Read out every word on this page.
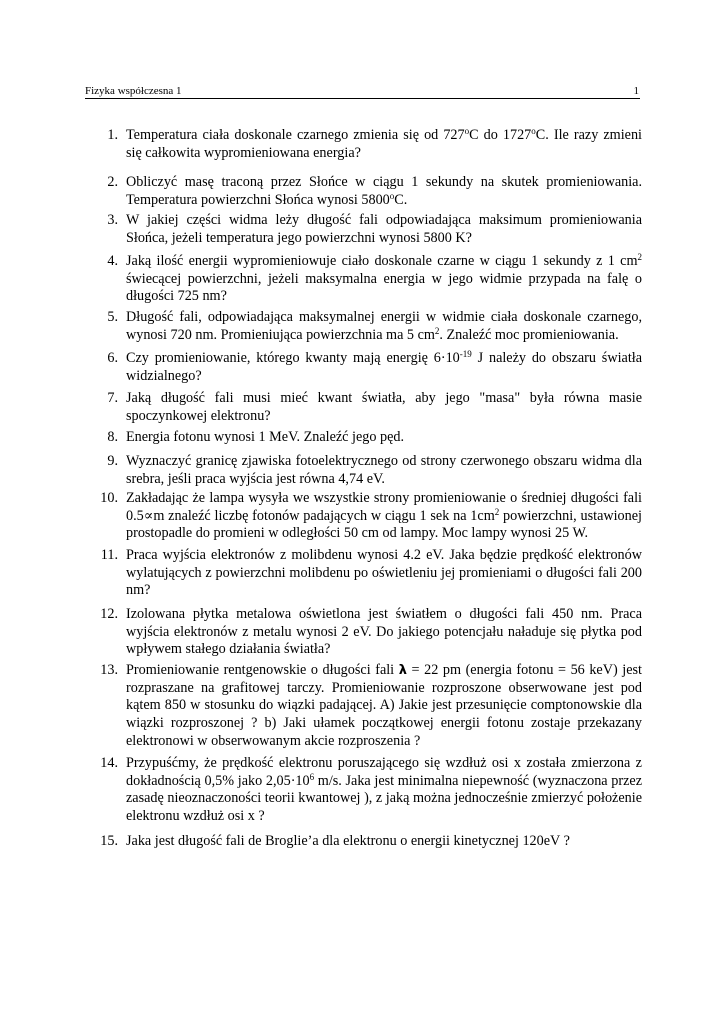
Fizyka współczesna 1	1
1. Temperatura ciała doskonale czarnego zmienia się od 727$^o$C do 1727$^o$C. Ile razy zmieni się całkowita wypromieniowana energia?

2. Obliczyć masę traconą przez Słońce w ciągu 1 sekundy na skutek promieniowania. Temperatura powierzchni Słońca wynosi 5800$^o$C.

3. W jakiej części widma leży długość fali odpowiadająca maksimum promieniowania Słońca, jeżeli temperatura jego powierzchni wynosi 5800 K?

4. Jaką ilość energii wypromieniowuje ciało doskonale czarne w ciągu 1 sekundy z 1 $cm^2$ świecącej powierzchni, jeżeli maksymalna energia w jego widmie przypada na falę o długości 725 nm?

5. Długość fali, odpowiadająca maksymalnej energii w widmie ciała doskonale czarnego, wynosi 720 nm. Promieniująca powierzchnia ma 5 $cm^2$. Znaleźć moc promieniowania.

6. Czy promieniowanie, którego kwanty mają energię $6\cdot 10^{-19}$ J należy do obszaru światła widzialnego?

7. Jaką długość fali musi mieć kwant światła, aby jego "masa" była równa masie spoczynkowej elektronu?

8. Energia fotonu wynosi 1 MeV. Znaleźć jego pęd.

9. Wyznaczyć granicę zjawiska fotoelektrycznego od strony czerwonego obszaru widma dla srebra, jeśli praca wyjścia jest równa 4,74 eV.

10. Zakładając że lampa wysyła we wszystkie strony promieniowanie o średniej długości fali 0.5∝m znaleźć liczbę fotonów padających w ciągu 1 sek na $1cm^2$ powierzchni, ustawionej prostopadle do promieni w odległości 50 cm od lampy. Moc lampy wynosi 25 W.

11. Praca wyjścia elektronów z molibdenu wynosi 4.2 eV. Jaka będzie prędkość elektronów wylatujących z powierzchni molibdenu po oświetleniu jej promieniami o długości fali 200 nm?

12. Izolowana płytka metalowa oświetlona jest światłem o długości fali 450 nm. Praca wyjścia elektronów z metalu wynosi 2 eV. Do jakiego potencjału naładuje się płytka pod wpływem stałego działania światła?

13. Promieniowanie rentgenowskie o długości fali λ = 22 pm (energia fotonu = 56 keV) jest rozpraszane na grafitowej tarczy. Promieniowanie rozproszone obserwowane jest pod kątem 850 w stosunku do wiązki padającej. A) Jakie jest przesunięcie comptonowskie dla wiązki rozproszonej ? b) Jaki ułamek początkowej energii fotonu zostaje przekazany elektronowi w obserwowanym akcie rozproszenia ?

14. Przypuśćmy, że prędkość elektronu poruszającego się wzdłuż osi x została zmierzona z dokładnością 0,5% jako $2,05\cdot 10^6$ m/s. Jaka jest minimalna niepewność (wyznaczona przez zasadę nieoznaczoności teorii kwantowej ), z jaką można jednocześnie zmierzyć położenie elektronu wzdłuż osi x ?

15. Jaka jest długość fali de Broglie’a dla elektronu o energii kinetycznej 120eV ?
